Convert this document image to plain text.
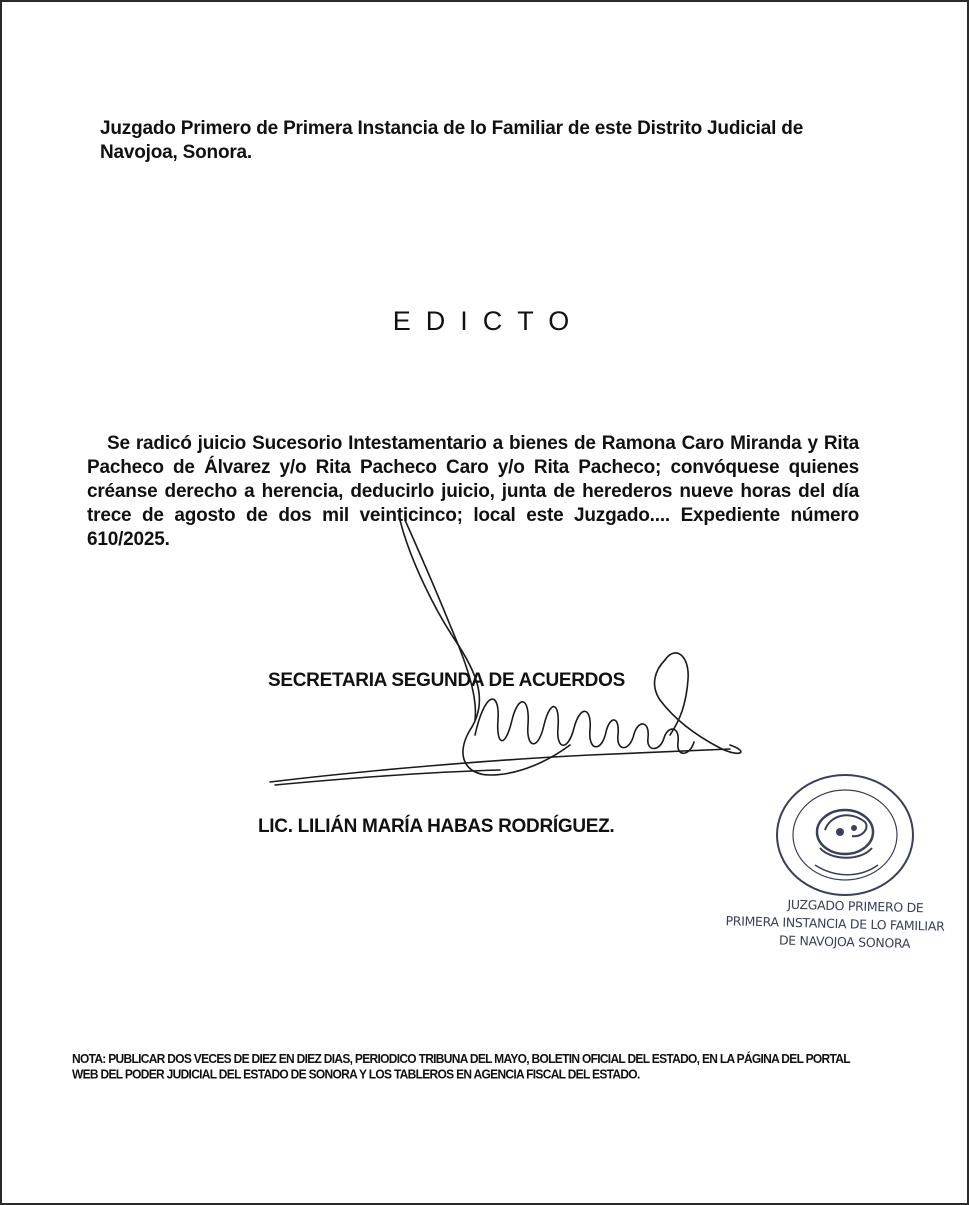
Juzgado Primero de Primera Instancia de lo Familiar de este Distrito Judicial de Navojoa, Sonora.
EDICTO
Se radicó juicio Sucesorio Intestamentario a bienes de Ramona Caro Miranda y Rita Pacheco de Álvarez y/o Rita Pacheco Caro y/o Rita Pacheco; convóquese quienes créanse derecho a herencia, deducirlo juicio, junta de herederos nueve horas del día trece de agosto de dos mil veinticinco; local este Juzgado.... Expediente número 610/2025.
SECRETARIA SEGUNDA DE ACUERDOS
LIC. LILIÁN MARÍA HABAS RODRÍGUEZ.
JUZGADO PRIMERO DE
PRIMERA INSTANCIA DE LO FAMILIAR
DE NAVOJOA SONORA
NOTA: PUBLICAR DOS VECES DE DIEZ EN DIEZ DIAS, PERIODICO TRIBUNA DEL MAYO, BOLETIN OFICIAL DEL ESTADO, EN LA PÁGINA DEL PORTAL WEB DEL PODER JUDICIAL DEL ESTADO DE SONORA Y LOS TABLEROS EN AGENCIA FISCAL DEL ESTADO.
